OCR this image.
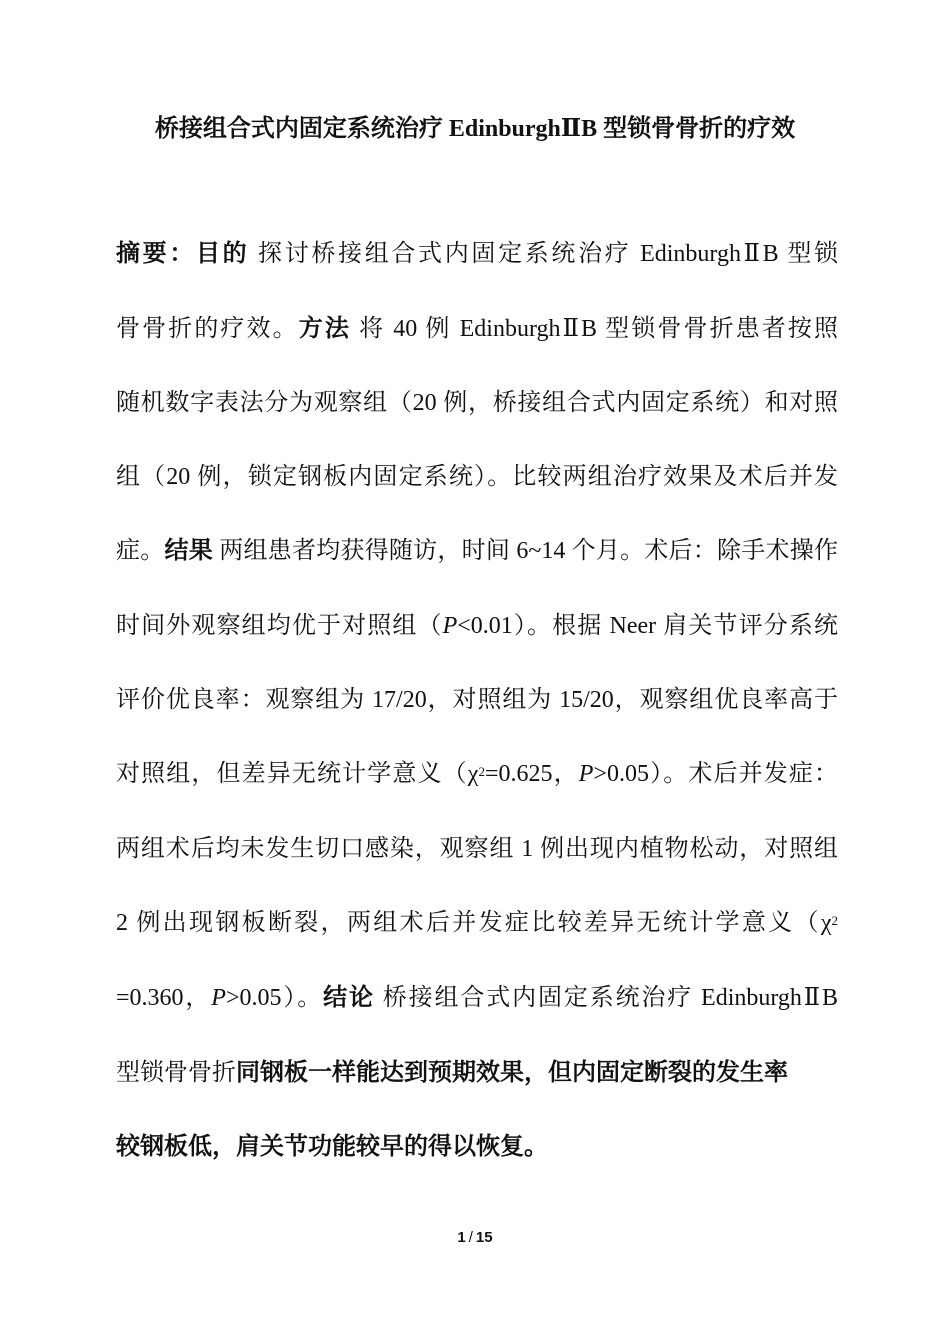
桥接组合式内固定系统治疗 EdinburghⅡB 型锁骨骨折的疗效
摘要：目的 探讨桥接组合式内固定系统治疗 EdinburghⅡB 型锁
骨骨折的疗效。方法 将 40 例 EdinburghⅡB 型锁骨骨折患者按照
随机数字表法分为观察组（20 例，桥接组合式内固定系统）和对照
组（20 例，锁定钢板内固定系统）。比较两组治疗效果及术后并发
症。结果 两组患者均获得随访，时间 6~14 个月。术后：除手术操作
时间外观察组均优于对照组（P<0.01）。根据 Neer 肩关节评分系统
评价优良率：观察组为 17/20，对照组为 15/20，观察组优良率高于
对照组，但差异无统计学意义（$\chi^2=0.625$，P>0.05）。术后并发症：
两组术后均未发生切口感染，观察组 1 例出现内植物松动，对照组
2 例出现钢板断裂，两组术后并发症比较差异无统计学意义（$\chi^2$
=0.360，P>0.05）。结论 桥接组合式内固定系统治疗 EdinburghⅡB
型锁骨骨折同钢板一样能达到预期效果，但内固定断裂的发生率
较钢板低，肩关节功能较早的得以恢复。
1 / 15
